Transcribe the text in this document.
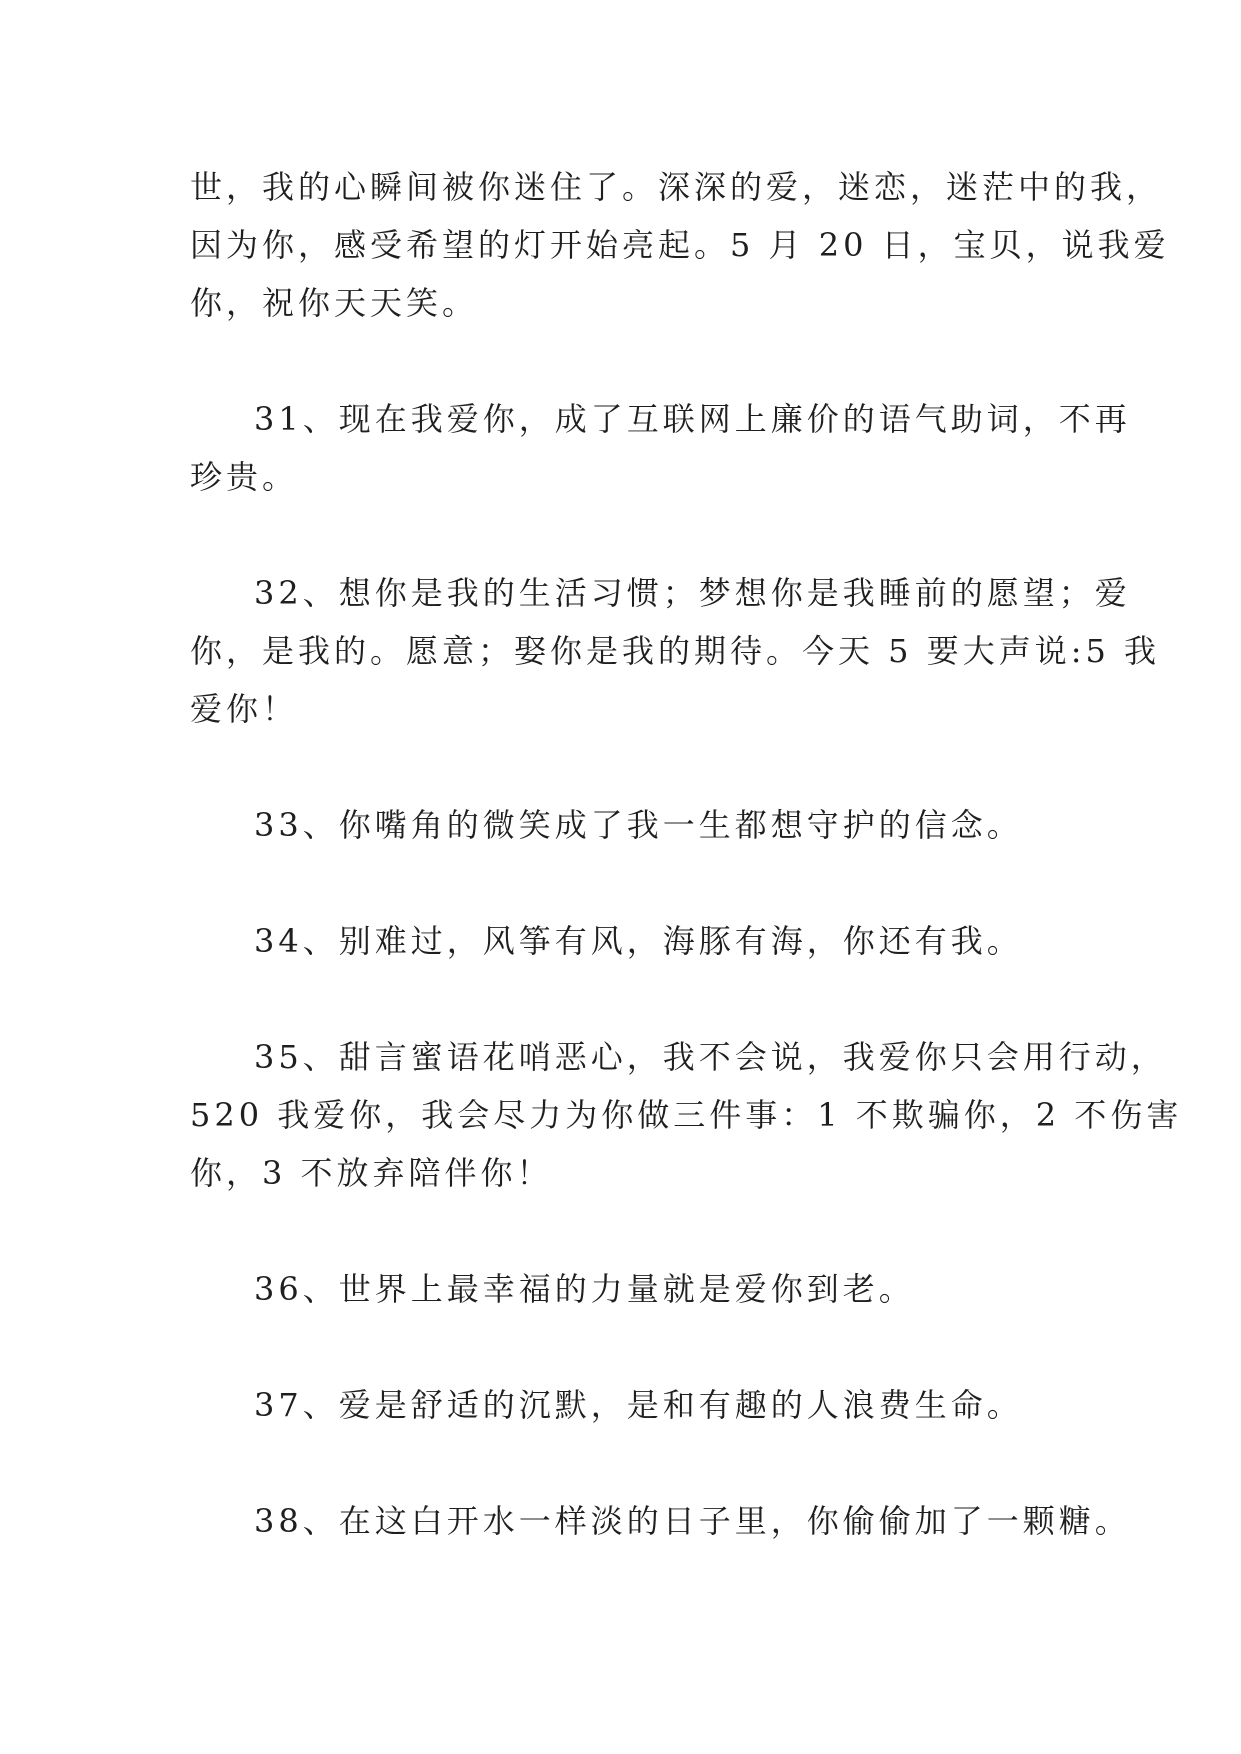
世，我的心瞬间被你迷住了。深深的爱，迷恋，迷茫中的我，
因为你，感受希望的灯开始亮起。5 月 20 日，宝贝，说我爱
你，祝你天天笑。
31、现在我爱你，成了互联网上廉价的语气助词，不再
珍贵。
32、想你是我的生活习惯；梦想你是我睡前的愿望；爱
你，是我的。愿意；娶你是我的期待。今天 5 要大声说:5 我
爱你！
33、你嘴角的微笑成了我一生都想守护的信念。
34、别难过，风筝有风，海豚有海，你还有我。
35、甜言蜜语花哨恶心，我不会说，我爱你只会用行动，
520 我爱你，我会尽力为你做三件事：1 不欺骗你，2 不伤害
你，3 不放弃陪伴你！
36、世界上最幸福的力量就是爱你到老。
37、爱是舒适的沉默，是和有趣的人浪费生命。
38、在这白开水一样淡的日子里，你偷偷加了一颗糖。
